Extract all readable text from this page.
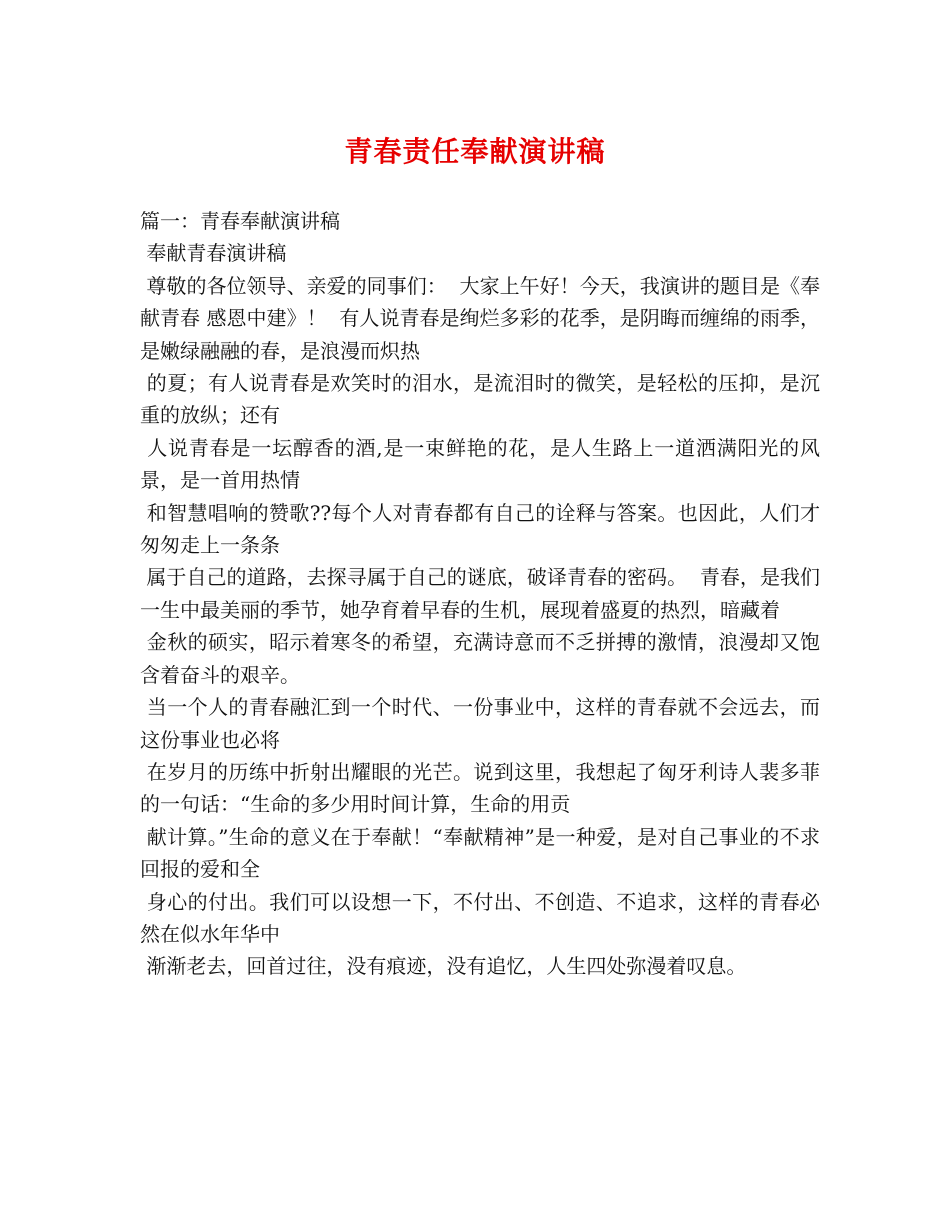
青春责任奉献演讲稿

篇一：青春奉献演讲稿

奉献青春演讲稿

尊敬的各位领导、亲爱的同事们：  大家上午好！今天，我演讲的题目是《奉献青春 感恩中建》！  有人说青春是绚烂多彩的花季，是阴晦而缠绵的雨季，是嫩绿融融的春，是浪漫而炽热

的夏；有人说青春是欢笑时的泪水，是流泪时的微笑，是轻松的压抑，是沉重的放纵；还有

人说青春是一坛醇香的酒,是一束鲜艳的花，是人生路上一道洒满阳光的风景，是一首用热情

和智慧唱响的赞歌??每个人对青春都有自己的诠释与答案。也因此，人们才匆匆走上一条条

属于自己的道路，去探寻属于自己的谜底，破译青春的密码。  青春，是我们一生中最美丽的季节，她孕育着早春的生机，展现着盛夏的热烈，暗藏着

金秋的硕实，昭示着寒冬的希望，充满诗意而不乏拼搏的激情，浪漫却又饱含着奋斗的艰辛。

当一个人的青春融汇到一个时代、一份事业中，这样的青春就不会远去，而这份事业也必将

在岁月的历练中折射出耀眼的光芒。说到这里，我想起了匈牙利诗人裴多菲的一句话：“生命的多少用时间计算，生命的用贡

献计算。”生命的意义在于奉献！“奉献精神”是一种爱，是对自己事业的不求回报的爱和全

身心的付出。我们可以设想一下，不付出、不创造、不追求，这样的青春必然在似水年华中

渐渐老去，回首过往，没有痕迹，没有追忆，人生四处弥漫着叹息。
